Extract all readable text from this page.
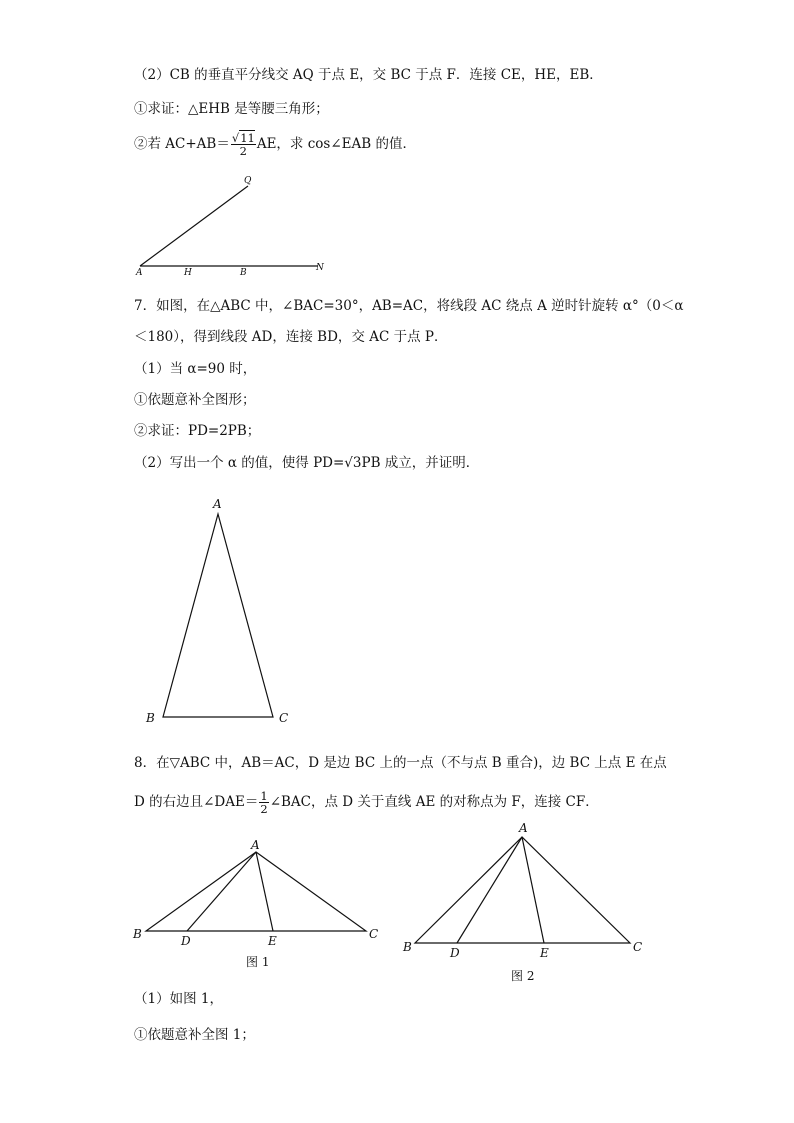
（2）CB 的垂直平分线交 AQ 于点 E，交 BC 于点 F．连接 CE，HE，EB．
①求证：△EHB 是等腰三角形；
②若 $AC+AB= \frac{√11}{2}$ AE，求 cos∠EAB 的值．
Q
A	H	B	N
A
B	C
A
B	C
D	E
图 1
A
B	C
D	E
图 2
7．如图，在△ABC 中，∠BAC=30°，AB=AC，将线段 AC 绕点 A 逆时针旋转 α°（0＜α
＜180），得到线段 AD，连接 BD，交 AC 于点 P．
（1）当 α=90 时，
①依题意补全图形；
②求证：PD=2PB；
（2）写出一个 α 的值，使得 PD=√3PB 成立，并证明．
8．在▽ABC 中，AB＝AC，D 是边 BC 上的一点（不与点 B 重合)，边 BC 上点 E 在点
D 的右边且∠DAE＝ $\frac{1}{2}$ ∠BAC，点 D 关于直线 AE 的对称点为 F，连接 CF．
（1）如图 1，
①依题意补全图 1；
